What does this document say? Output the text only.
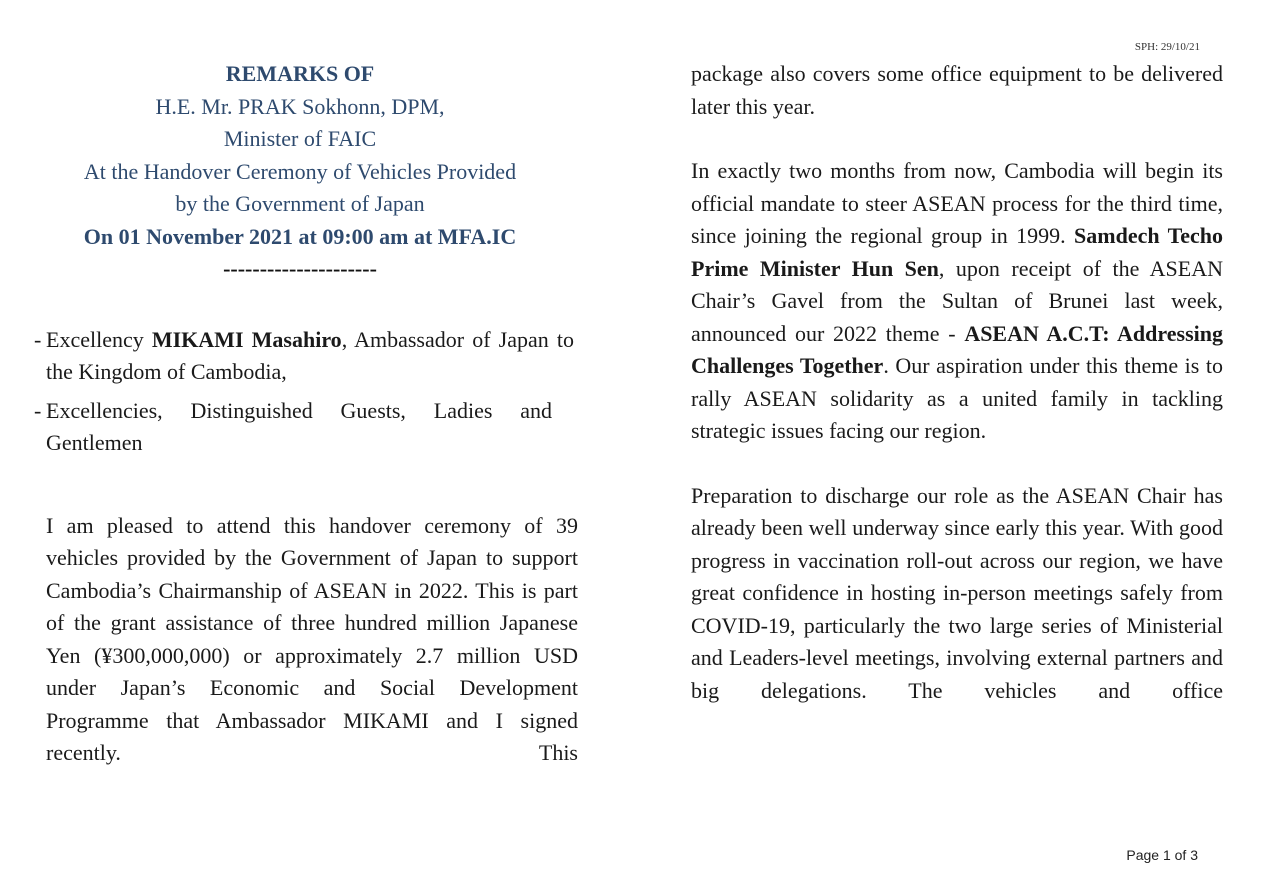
SPH: 29/10/21
REMARKS OF
H.E. Mr. PRAK Sokhonn, DPM,
Minister of FAIC
At the Handover Ceremony of Vehicles Provided
by the Government of Japan
On 01 November 2021 at 09:00 am at MFA.IC
---------------------
- Excellency MIKAMI Masahiro, Ambassador of Japan to the Kingdom of Cambodia,
- Excellencies, Distinguished Guests, Ladies and Gentlemen
I am pleased to attend this handover ceremony of 39 vehicles provided by the Government of Japan to support Cambodia’s Chairmanship of ASEAN in 2022. This is part of the grant assistance of three hundred million Japanese Yen (¥300,000,000) or approximately 2.7 million USD under Japan’s Economic and Social Development Programme that Ambassador MIKAMI and I signed recently. This
package also covers some office equipment to be delivered later this year.
In exactly two months from now, Cambodia will begin its official mandate to steer ASEAN process for the third time, since joining the regional group in 1999. Samdech Techo Prime Minister Hun Sen, upon receipt of the ASEAN Chair’s Gavel from the Sultan of Brunei last week, announced our 2022 theme - ASEAN A.C.T: Addressing Challenges Together. Our aspiration under this theme is to rally ASEAN solidarity as a united family in tackling strategic issues facing our region.
Preparation to discharge our role as the ASEAN Chair has already been well underway since early this year. With good progress in vaccination roll-out across our region, we have great confidence in hosting in-person meetings safely from COVID-19, particularly the two large series of Ministerial and Leaders-level meetings, involving external partners and big delegations. The vehicles and office
Page 1 of 3
